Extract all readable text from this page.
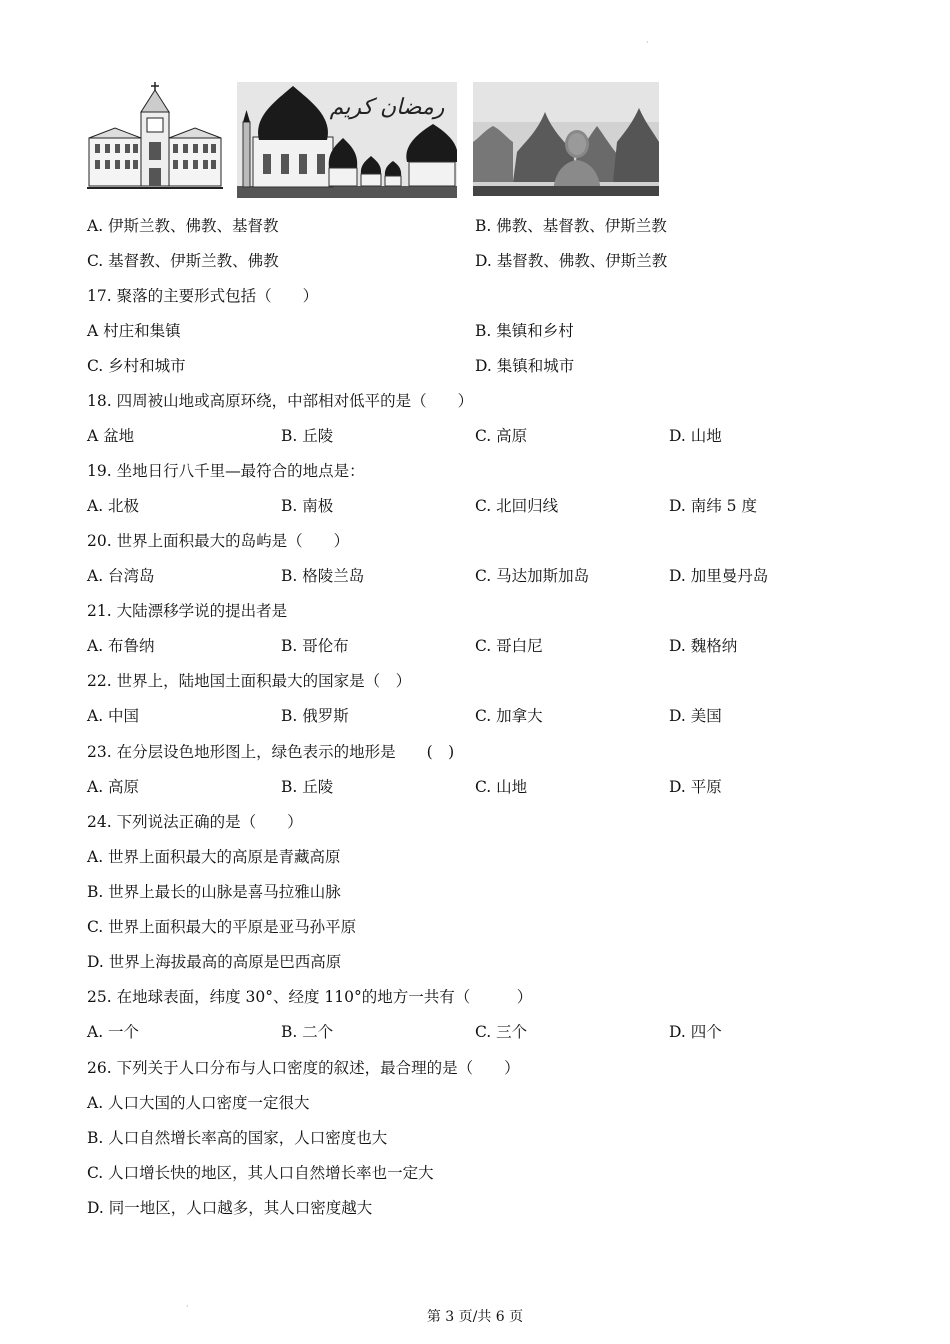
·
·
رمضان كريم
A. 伊斯兰教、佛教、基督教	B. 佛教、基督教、伊斯兰教
C. 基督教、伊斯兰教、佛教	D. 基督教、佛教、伊斯兰教
17. 聚落的主要形式包括（　　）
A 村庄和集镇	B. 集镇和乡村
C. 乡村和城市	D. 集镇和城市
18. 四周被山地或高原环绕，中部相对低平的是（　　）
A 盆地	B. 丘陵	C. 高原	D. 山地
19. 坐地日行八千里—最符合的地点是：
A. 北极	B. 南极	C. 北回归线	D. 南纬 5 度
20. 世界上面积最大的岛屿是（　　）
A. 台湾岛	B. 格陵兰岛	C. 马达加斯加岛	D. 加里曼丹岛
21. 大陆漂移学说的提出者是
A. 布鲁纳	B. 哥伦布	C. 哥白尼	D. 魏格纳
22. 世界上，陆地国土面积最大的国家是（　）
A. 中国	B. 俄罗斯	C. 加拿大	D. 美国
23. 在分层设色地形图上，绿色表示的地形是　　(　)
A. 高原	B. 丘陵	C. 山地	D. 平原
24. 下列说法正确的是（　　）
A. 世界上面积最大的高原是青藏高原
B. 世界上最长的山脉是喜马拉雅山脉
C. 世界上面积最大的平原是亚马孙平原
D. 世界上海拔最高的高原是巴西高原
25. 在地球表面，纬度 30°、经度 110°的地方一共有（　　　）
A. 一个	B. 二个	C. 三个	D. 四个
26. 下列关于人口分布与人口密度的叙述，最合理的是（　　）
A. 人口大国的人口密度一定很大
B. 人口自然增长率高的国家，人口密度也大
C. 人口增长快的地区，其人口自然增长率也一定大
D. 同一地区，人口越多，其人口密度越大
第 3 页/共 6 页
